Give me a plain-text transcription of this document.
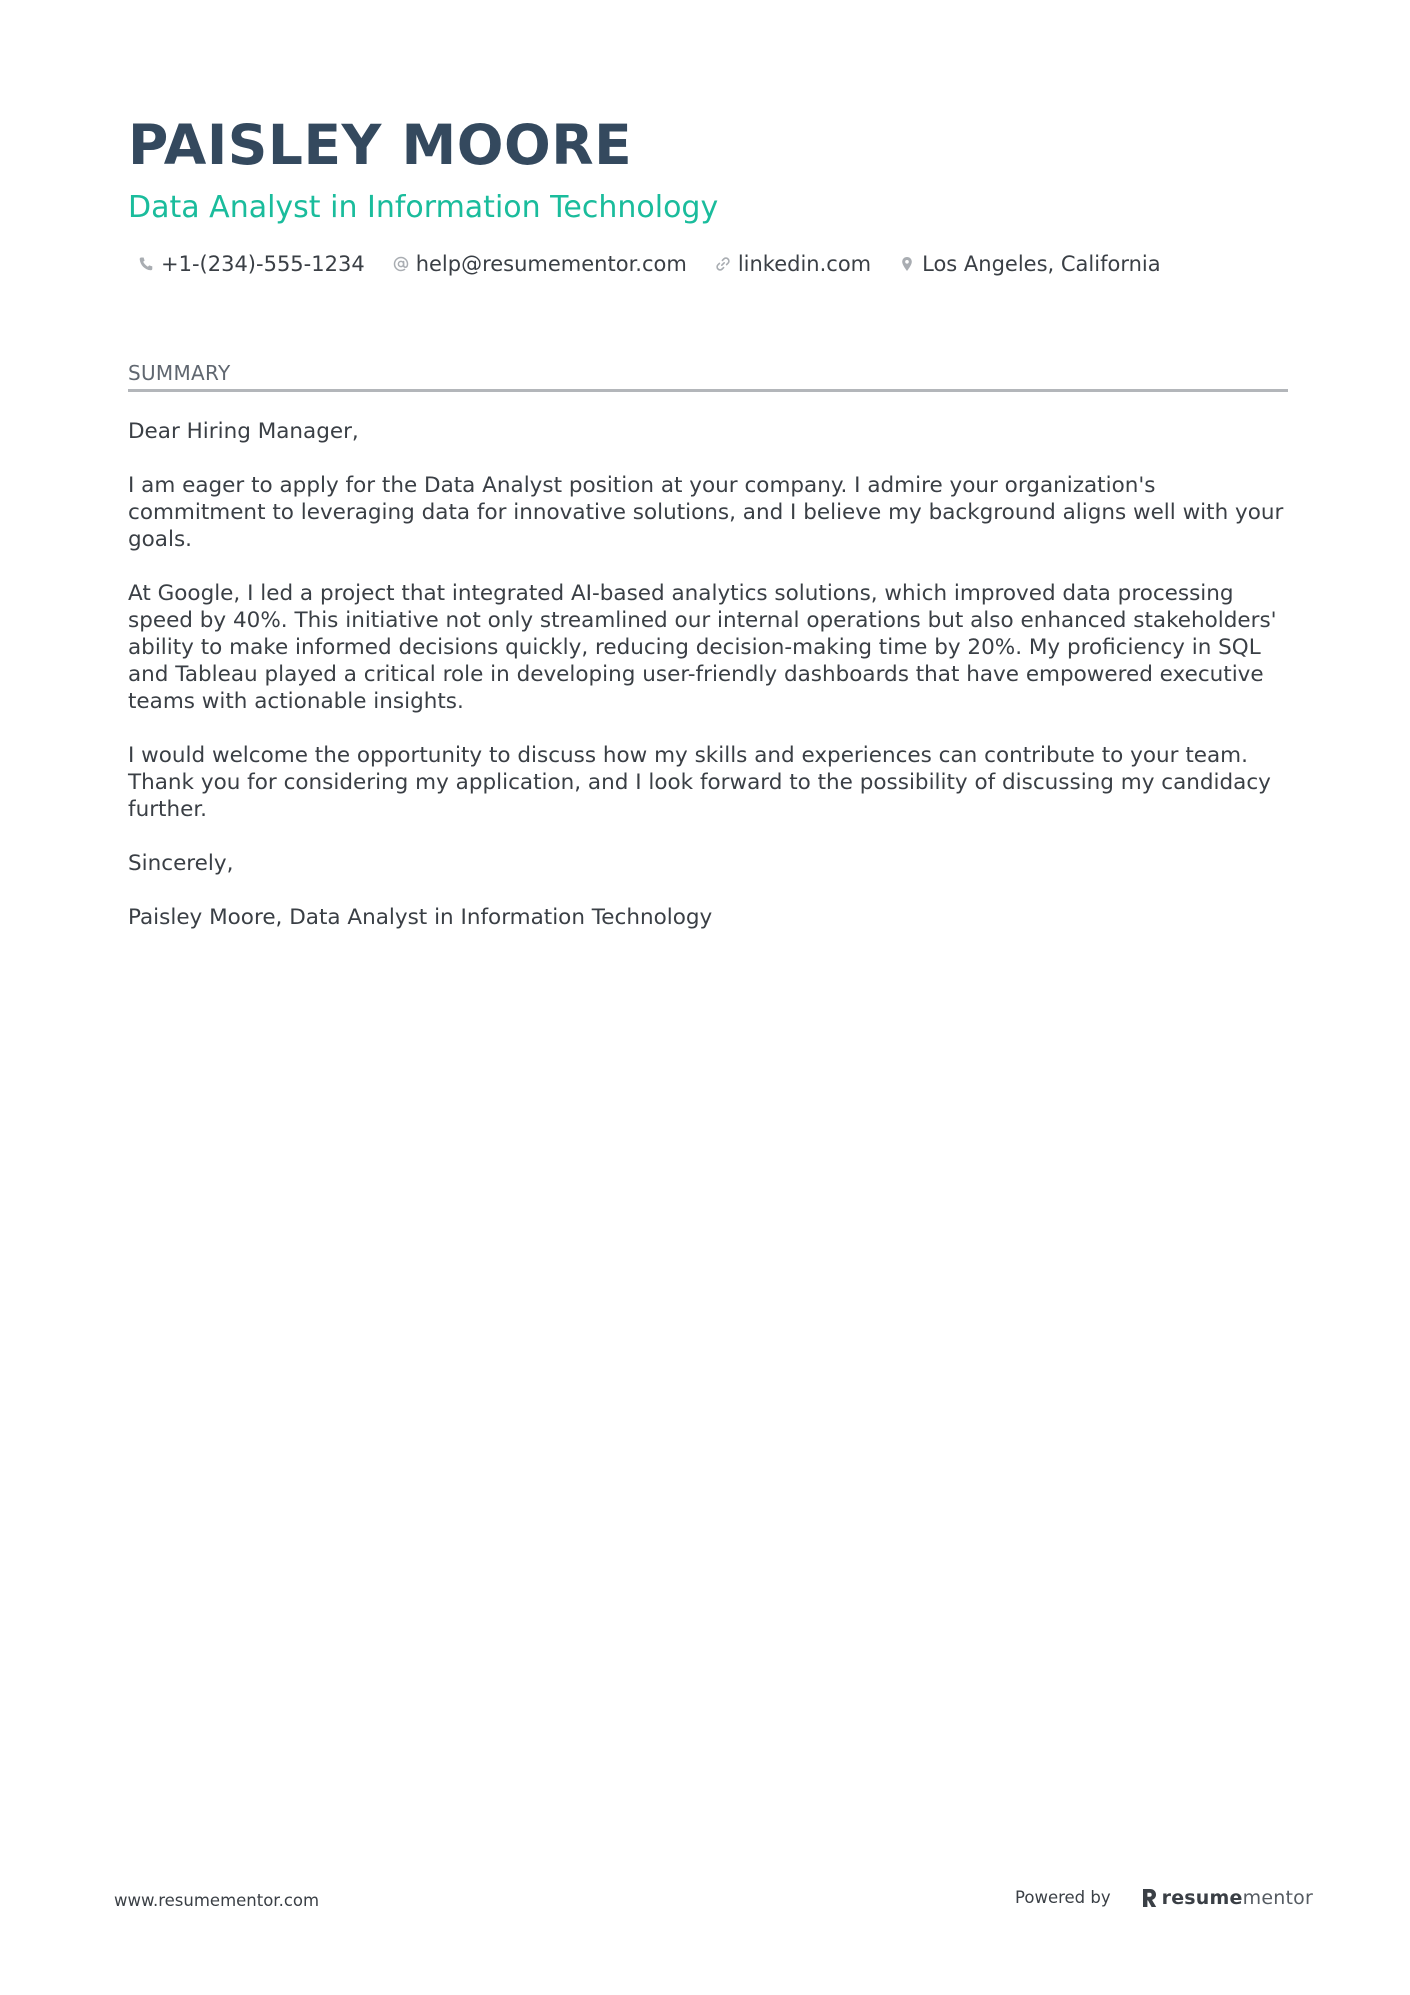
PAISLEY MOORE
Data Analyst in Information Technology
+1-(234)-555-1234 help@resumementor.com linkedin.com Los Angeles, California
SUMMARY

Dear Hiring Manager,

I am eager to apply for the Data Analyst position at your company. I admire your organization's commitment to leveraging data for innovative solutions, and I believe my background aligns well with your goals.

At Google, I led a project that integrated AI-based analytics solutions, which improved data processing speed by 40%. This initiative not only streamlined our internal operations but also enhanced stakeholders' ability to make informed decisions quickly, reducing decision-making time by 20%. My proficiency in SQL and Tableau played a critical role in developing user-friendly dashboards that have empowered executive teams with actionable insights.

I would welcome the opportunity to discuss how my skills and experiences can contribute to your team. Thank you for considering my application, and I look forward to the possibility of discussing my candidacy further.

Sincerely,

Paisley Moore, Data Analyst in Information Technology

www.resumementor.com	Powered by	resume mentor
